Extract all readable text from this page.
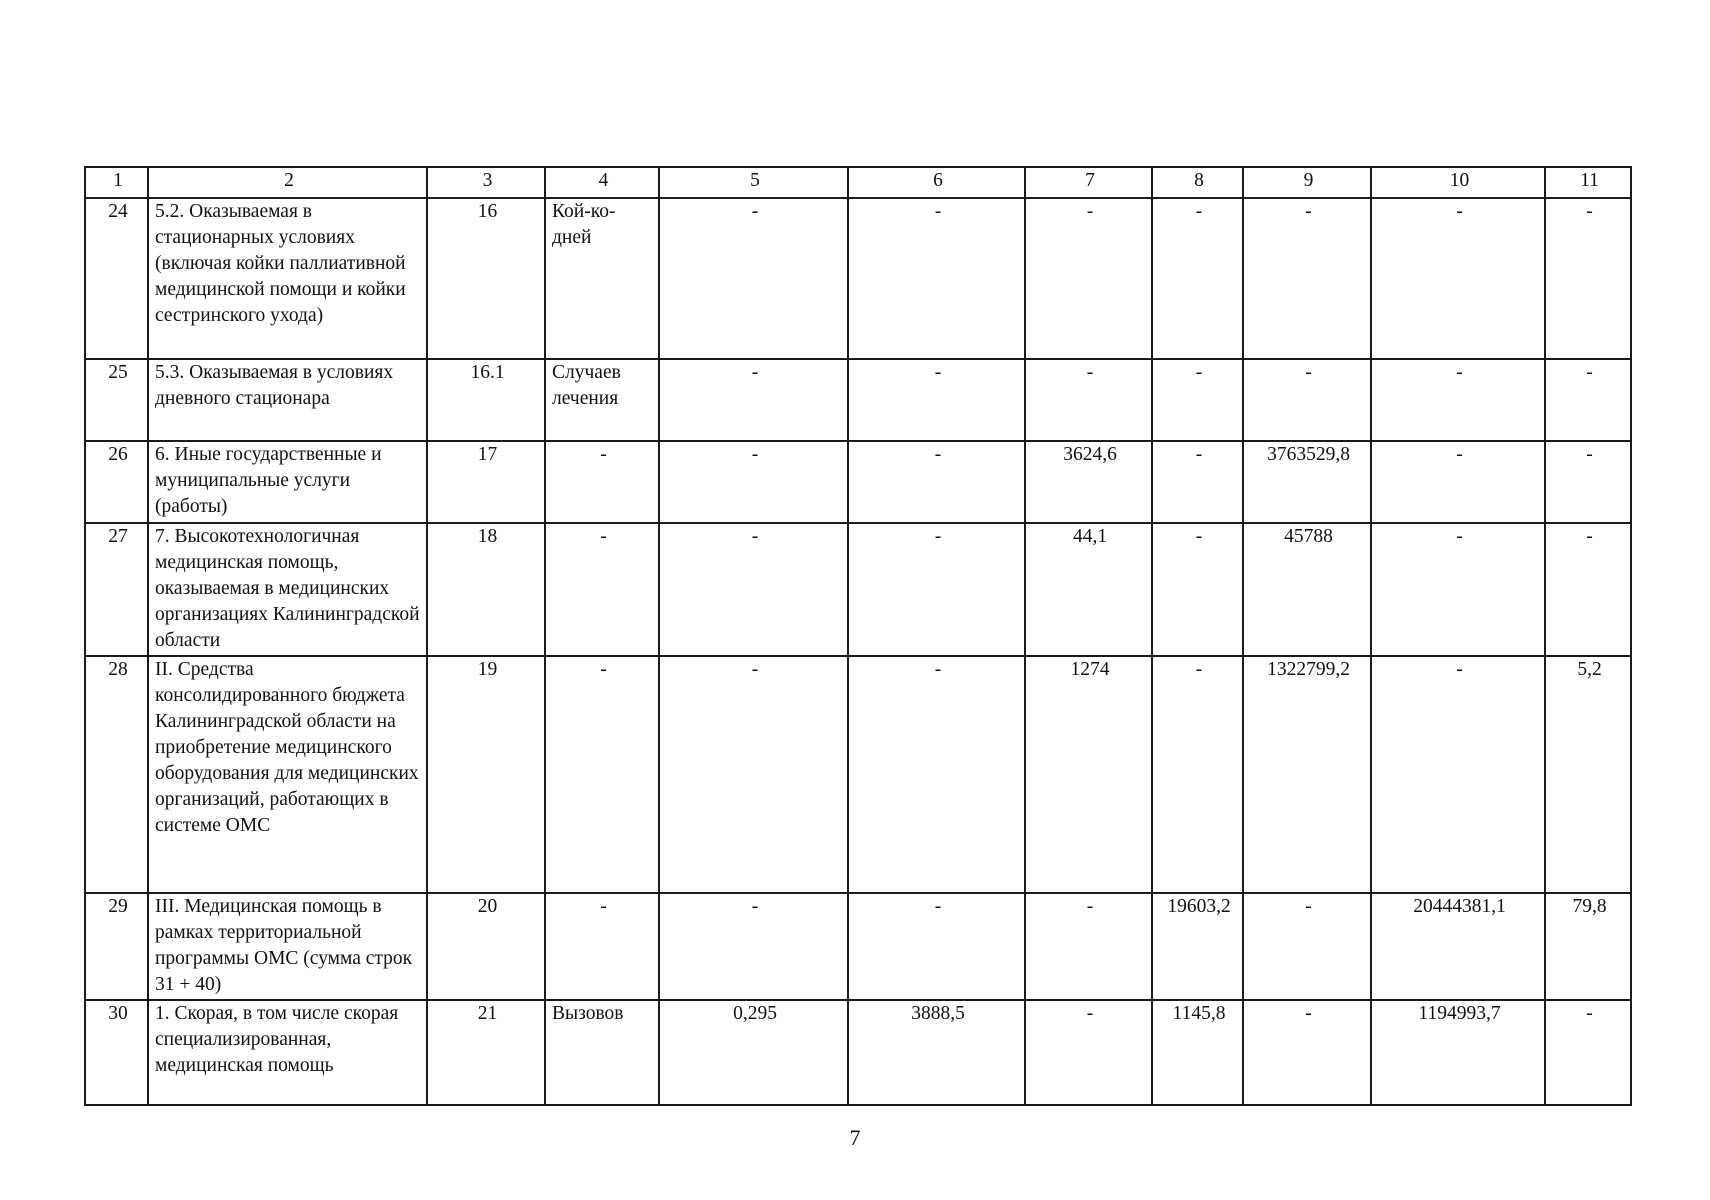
1	2	3	4	5	6	7	8	9	10	11
24	5.2. Оказываемая в стационарных условиях (включая койки паллиативной медицинской помощи и койки сестринского ухода)	16	Кой-ко-дней	-	-	-	-	-	-	-
25	5.3. Оказываемая в условиях дневного стационара	16.1	Случаев лечения	-	-	-	-	-	-	-
26	6. Иные государственные и муниципальные услуги (работы)	17	-	-	-	3624,6	-	3763529,8	-	-
27	7. Высокотехнологичная медицинская помощь, оказываемая в медицинских организациях Калининградской области	18	-	-	-	44,1	-	45788	-	-
28	II. Средства консолидированного бюджета Калининградской области на приобретение медицинского оборудования для медицинских организаций, работающих в системе ОМС	19	-	-	-	1274	-	1322799,2	-	5,2
29	III. Медицинская помощь в рамках территориальной программы ОМС (сумма строк 31 + 40)	20	-	-	-	-	19603,2	-	20444381,1	79,8
30	1. Скорая, в том числе скорая специализированная, медицинская помощь	21	Вызовов	0,295	3888,5	-	1145,8	-	1194993,7	-
7
